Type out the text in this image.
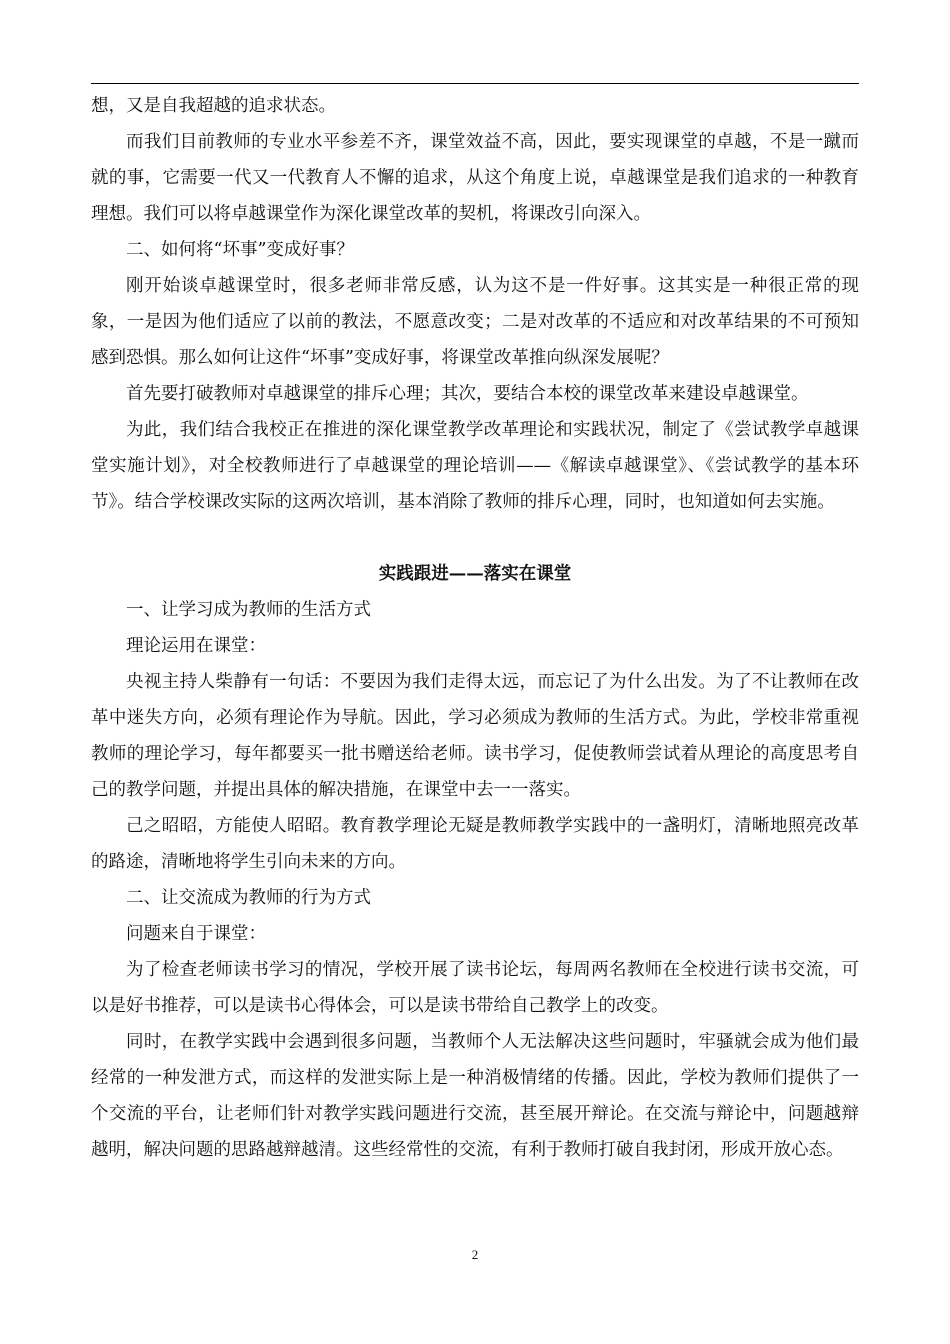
想，又是自我超越的追求状态。

而我们目前教师的专业水平参差不齐，课堂效益不高，因此，要实现课堂的卓越，不是一蹴而就的事，它需要一代又一代教育人不懈的追求，从这个角度上说，卓越课堂是我们追求的一种教育理想。我们可以将卓越课堂作为深化课堂改革的契机，将课改引向深入。

二、如何将“坏事”变成好事？

刚开始谈卓越课堂时，很多老师非常反感，认为这不是一件好事。这其实是一种很正常的现象，一是因为他们适应了以前的教法，不愿意改变；二是对改革的不适应和对改革结果的不可预知感到恐惧。那么如何让这件“坏事”变成好事，将课堂改革推向纵深发展呢？

首先要打破教师对卓越课堂的排斥心理；其次，要结合本校的课堂改革来建设卓越课堂。

为此，我们结合我校正在推进的深化课堂教学改革理论和实践状况，制定了《尝试教学卓越课堂实施计划》，对全校教师进行了卓越课堂的理论培训——《解读卓越课堂》、《尝试教学的基本环节》。结合学校课改实际的这两次培训，基本消除了教师的排斥心理，同时，也知道如何去实施。

实践跟进——落实在课堂

一、让学习成为教师的生活方式

理论运用在课堂：

央视主持人柴静有一句话：不要因为我们走得太远，而忘记了为什么出发。为了不让教师在改革中迷失方向，必须有理论作为导航。因此，学习必须成为教师的生活方式。为此，学校非常重视教师的理论学习，每年都要买一批书赠送给老师。读书学习，促使教师尝试着从理论的高度思考自己的教学问题，并提出具体的解决措施，在课堂中去一一落实。

己之昭昭，方能使人昭昭。教育教学理论无疑是教师教学实践中的一盏明灯，清晰地照亮改革的路途，清晰地将学生引向未来的方向。

二、让交流成为教师的行为方式

问题来自于课堂：

为了检查老师读书学习的情况，学校开展了读书论坛，每周两名教师在全校进行读书交流，可以是好书推荐，可以是读书心得体会，可以是读书带给自己教学上的改变。

同时，在教学实践中会遇到很多问题，当教师个人无法解决这些问题时，牢骚就会成为他们最经常的一种发泄方式，而这样的发泄实际上是一种消极情绪的传播。因此，学校为教师们提供了一个交流的平台，让老师们针对教学实践问题进行交流，甚至展开辩论。在交流与辩论中，问题越辩越明，解决问题的思路越辩越清。这些经常性的交流，有利于教师打破自我封闭，形成开放心态。

2
